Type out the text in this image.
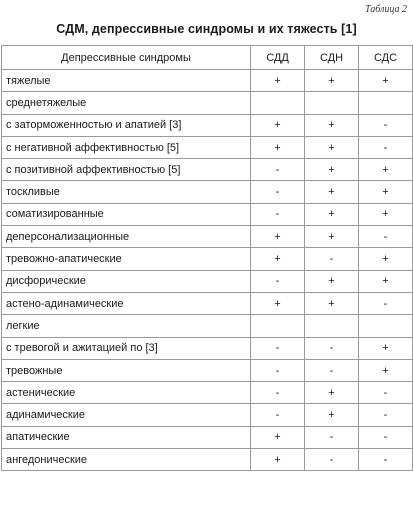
Таблица 2
СДМ, депрессивные синдромы и их тяжесть [1]
Депрессивные синдромы	СДД	СДН	СДС
тяжелые	+	+	+
среднетяжелые			
с заторможенностью и апатией [3]	+	+	-
с негативной аффективностью [5]	+	+	-
с позитивной аффективностью [5]	-	+	+
тоскливые	-	+	+
соматизированные	-	+	+
деперсонализационные	+	+	-
тревожно-апатические	+	-	+
дисфорические	-	+	+
астено-адинамические	+	+	-
легкие			
с тревогой и ажитацией по [3]	-	-	+
тревожные	-	-	+
астенические	-	+	-
адинамические	-	+	-
апатические	+	-	-
ангедонические	+	-	-
